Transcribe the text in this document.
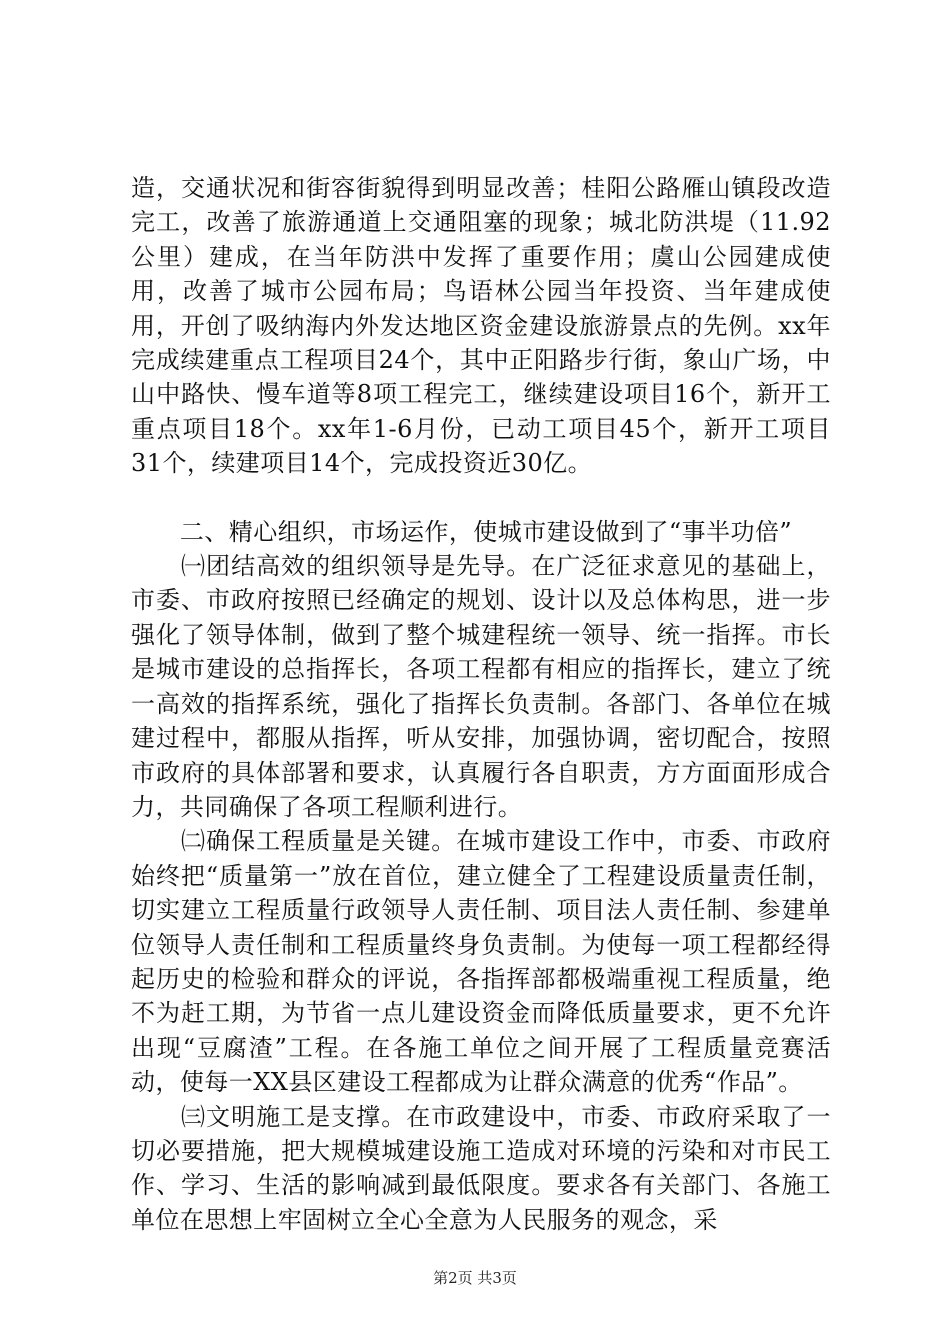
造，交通状况和街容街貌得到明显改善；桂阳公路雁山镇段改造完工，改善了旅游通道上交通阻塞的现象；城北防洪堤（11.92公里）建成，在当年防洪中发挥了重要作用；虞山公园建成使用，改善了城市公园布局；鸟语林公园当年投资、当年建成使用，开创了吸纳海内外发达地区资金建设旅游景点的先例。xx年完成续建重点工程项目24个，其中正阳路步行街，象山广场，中山中路快、慢车道等8项工程完工，继续建设项目16个，新开工重点项目18个。xx年1-6月份，已动工项目45个，新开工项目31个，续建项目14个，完成投资近30亿。

　　二、精心组织，市场运作，使城市建设做到了“事半功倍”

　　㈠团结高效的组织领导是先导。在广泛征求意见的基础上，市委、市政府按照已经确定的规划、设计以及总体构思，进一步强化了领导体制，做到了整个城建程统一领导、统一指挥。市长是城市建设的总指挥长，各项工程都有相应的指挥长，建立了统一高效的指挥系统，强化了指挥长负责制。各部门、各单位在城建过程中，都服从指挥，听从安排，加强协调，密切配合，按照市政府的具体部署和要求，认真履行各自职责，方方面面形成合力，共同确保了各项工程顺利进行。

　　㈡确保工程质量是关键。在城市建设工作中，市委、市政府始终把“质量第一”放在首位，建立健全了工程建设质量责任制，切实建立工程质量行政领导人责任制、项目法人责任制、参建单位领导人责任制和工程质量终身负责制。为使每一项工程都经得起历史的检验和群众的评说，各指挥部都极端重视工程质量，绝不为赶工期，为节省一点儿建设资金而降低质量要求，更不允许出现“豆腐渣”工程。在各施工单位之间开展了工程质量竞赛活动，使每一XX县区建设工程都成为让群众满意的优秀“作品”。

　　㈢文明施工是支撑。在市政建设中，市委、市政府采取了一切必要措施，把大规模城建设施工造成对环境的污染和对市民工作、学习、生活的影响减到最低限度。要求各有关部门、各施工单位在思想上牢固树立全心全意为人民服务的观念，采

第2页 共3页
